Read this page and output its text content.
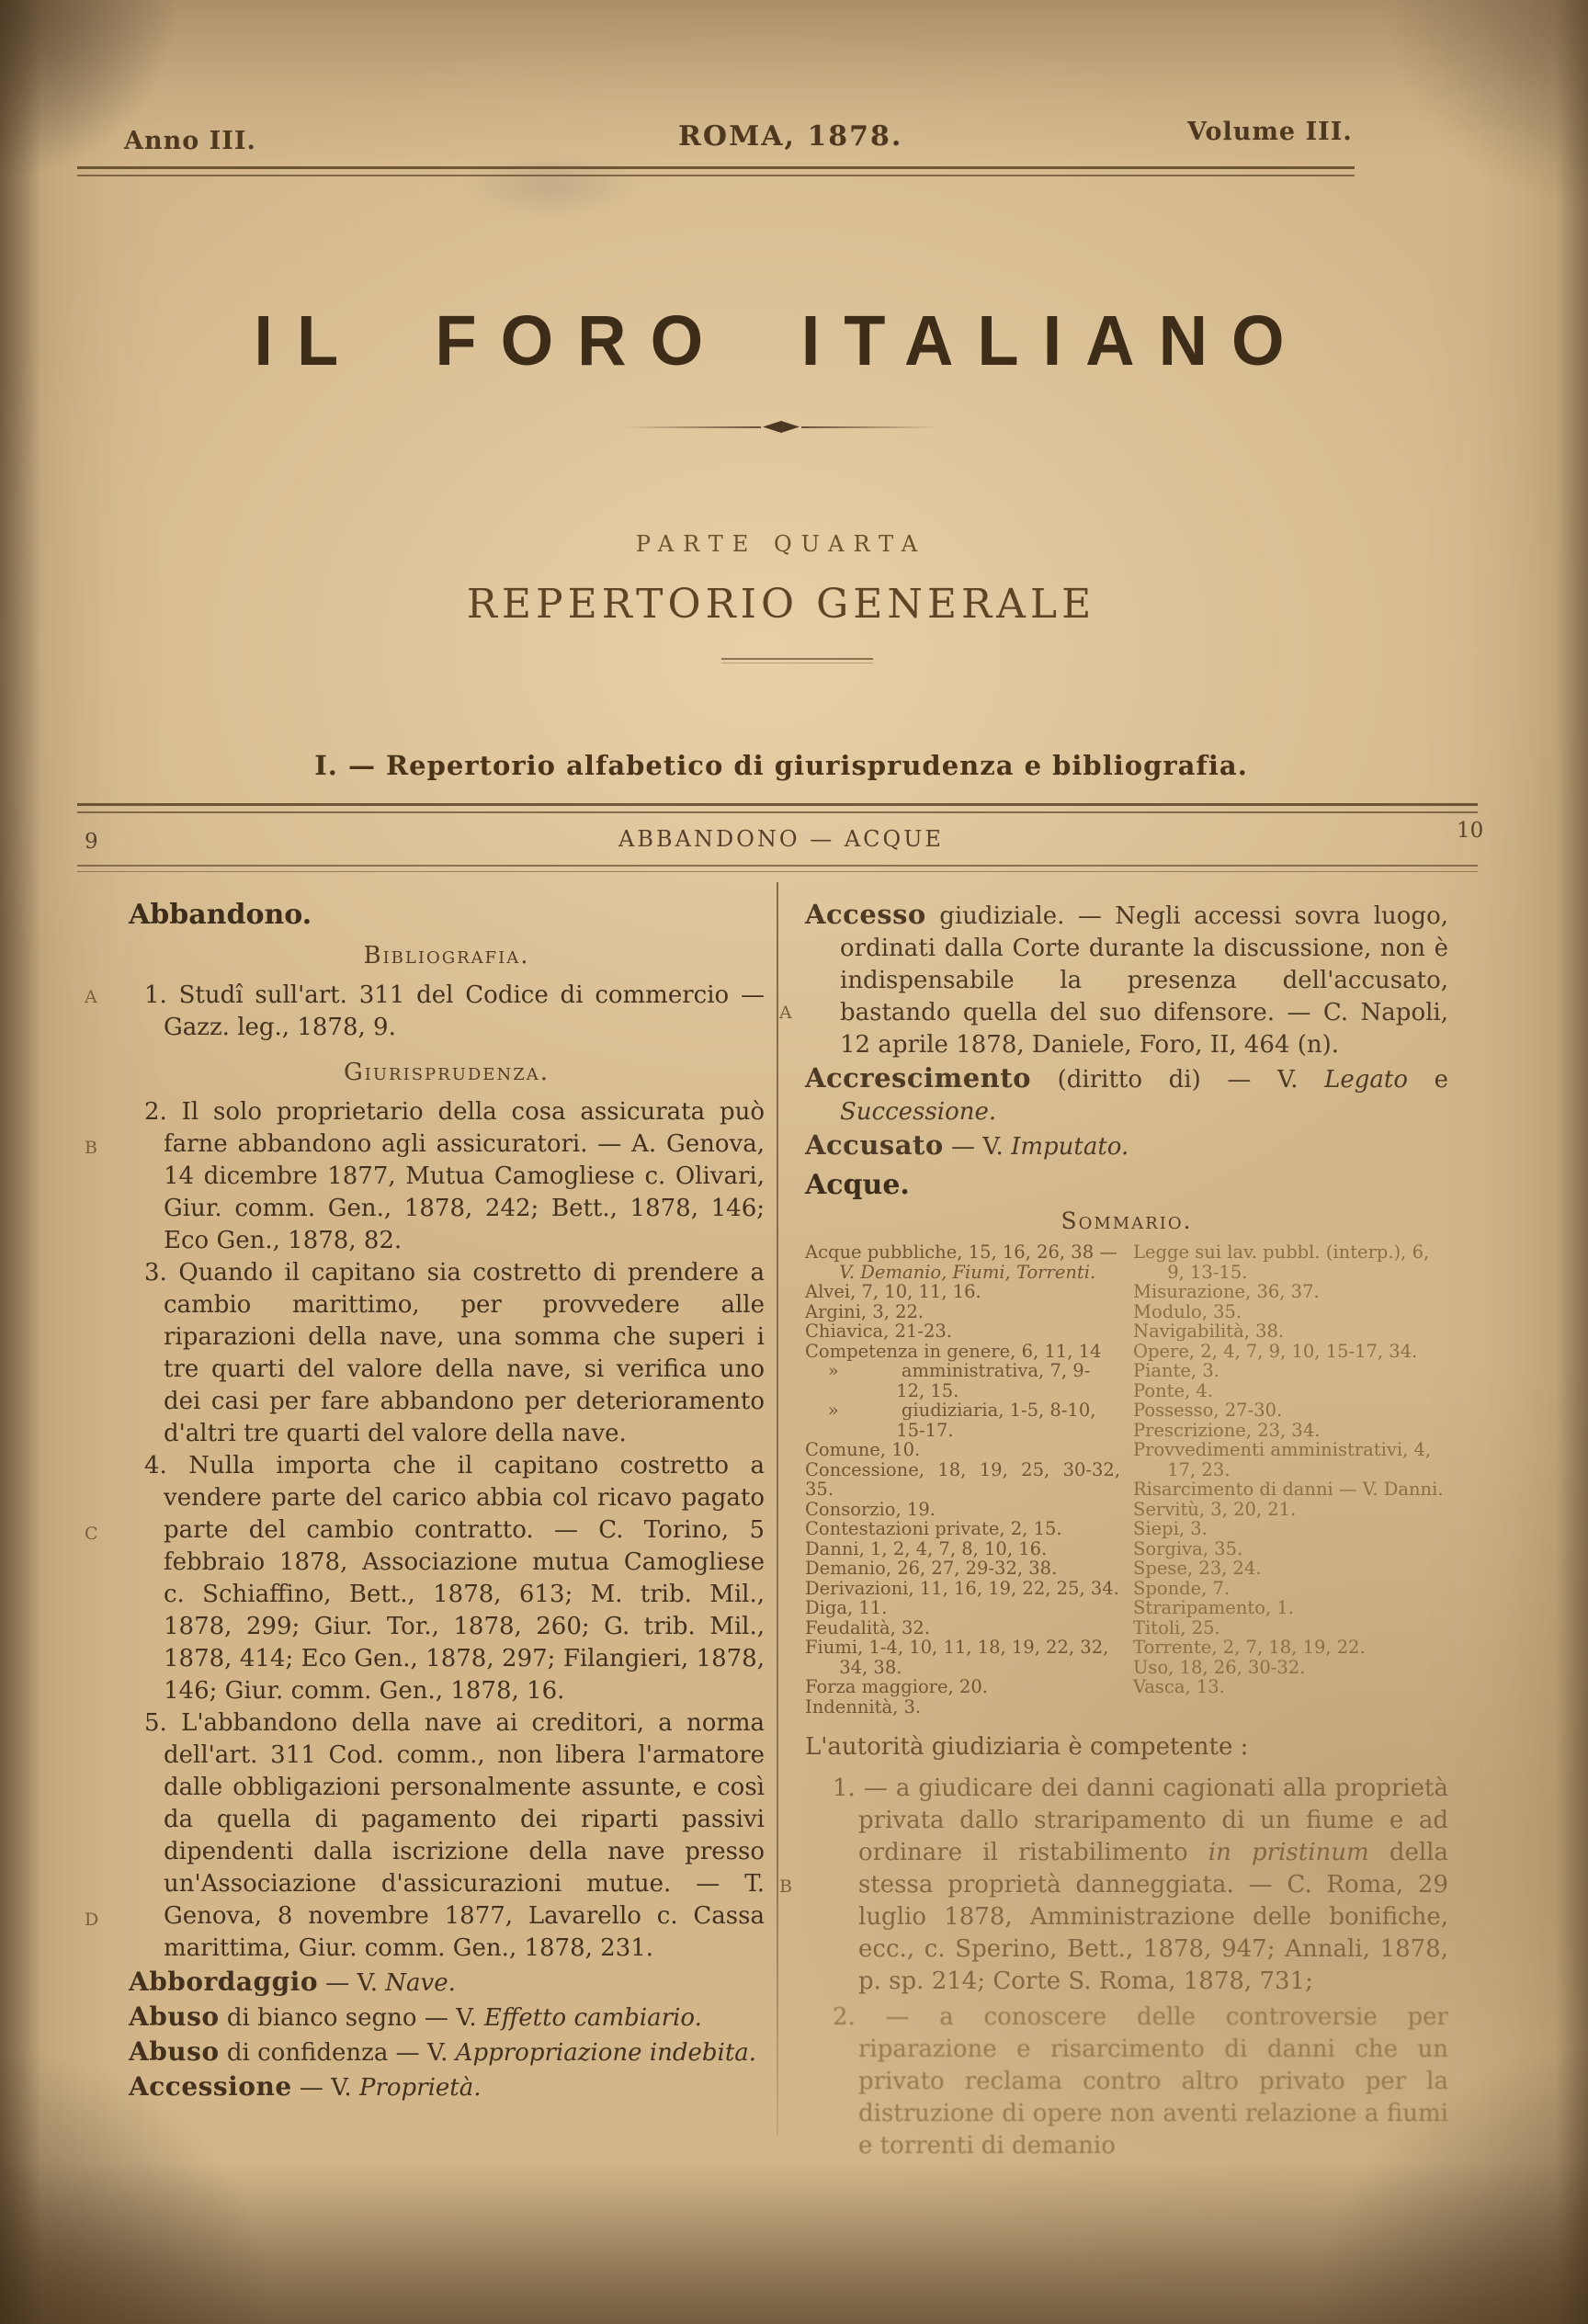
Anno III.	ROMA, 1878.	Volume III.
IL FORO ITALIANO
PARTE QUARTA
REPERTORIO GENERALE
I. — Repertorio alfabetico di giurisprudenza e bibliografia.
9	ABBANDONO — ACQUE	10
Abbandono.
Bibliografia.
A 1. Studî sull'art. 311 del Codice di commercio — Gazz. leg., 1878, 9.
Giurisprudenza.
B
2. Il solo proprietario della cosa assicurata può farne abbandono agli assicuratori. — A. Genova, 14 dicembre 1877, Mutua Camogliese c. Olivari, Giur. comm. Gen., 1878, 242; Bett., 1878, 146; Eco Gen., 1878, 82.
3. Quando il capitano sia costretto di prendere a cambio marittimo, per provvedere alle riparazioni della nave, una somma che superi i tre quarti del valore della nave, si verifica uno dei casi per fare abbandono per deterioramento d'altri tre quarti del valore della nave.
C
4. Nulla importa che il capitano costretto a vendere parte del carico abbia col ricavo pagato parte del cambio contratto. — C. Torino, 5 febbraio 1878, Associazione mutua Camogliese c. Schiaffino, Bett., 1878, 613; M. trib. Mil., 1878, 299; Giur. Tor., 1878, 260; G. trib. Mil., 1878, 414; Eco Gen., 1878, 297; Filangieri, 1878, 146; Giur. comm. Gen., 1878, 16.
D
5. L'abbandono della nave ai creditori, a norma dell'art. 311 Cod. comm., non libera l'armatore dalle obbligazioni personalmente assunte, e così da quella di pagamento dei riparti passivi dipendenti dalla iscrizione della nave presso un'Associazione d'assicurazioni mutue. — T. Genova, 8 novembre 1877, Lavarello c. Cassa marittima, Giur. comm. Gen., 1878, 231.
Abbordaggio — V. Nave.
Abuso di bianco segno — V. Effetto cambiario.
Abuso di confidenza — V. Appropriazione indebita.
Accessione — V. Proprietà.
A
Accesso giudiziale. — Negli accessi sovra luogo, ordinati dalla Corte durante la discussione, non è indispensabile la presenza dell'accusato, bastando quella del suo difensore. — C. Napoli, 12 aprile 1878, Daniele, Foro, II, 464 (n).
Accrescimento (diritto di) — V. Legato e Successione.
Accusato — V. Imputato.
Acque.
Sommario.
Acque pubbliche, 15, 16, 26, 38 —
V. Demanio, Fiumi, Torrenti.
Alvei, 7, 10, 11, 16.
Argini, 3, 22.
Chiavica, 21-23.
Competenza in genere, 6, 11, 14
»           amministrativa, 7, 9-
12, 15.
»           giudiziaria, 1-5, 8-10,
15-17.
Comune, 10.
Concessione, 18, 19, 25, 30-32, 35.
Consorzio, 19.
Contestazioni private, 2, 15.
Danni, 1, 2, 4, 7, 8, 10, 16.
Demanio, 26, 27, 29-32, 38.
Derivazioni, 11, 16, 19, 22, 25, 34.
Diga, 11.
Feudalità, 32.
Fiumi, 1-4, 10, 11, 18, 19, 22, 32,
34, 38.
Forza maggiore, 20.
Indennità, 3.
Legge sui lav. pubbl. (interp.), 6,
9, 13-15.
Misurazione, 36, 37.
Modulo, 35.
Navigabilità, 38.
Opere, 2, 4, 7, 9, 10, 15-17, 34.
Piante, 3.
Ponte, 4.
Possesso, 27-30.
Prescrizione, 23, 34.
Provvedimenti amministrativi, 4,
17, 23.
Risarcimento di danni — V. Danni.
Servitù, 3, 20, 21.
Siepi, 3.
Sorgiva, 35.
Spese, 23, 24.
Sponde, 7.
Straripamento, 1.
Titoli, 25.
Torrente, 2, 7, 18, 19, 22.
Uso, 18, 26, 30-32.
Vasca, 13.
L'autorità giudiziaria è competente :
B
1. — a giudicare dei danni cagionati alla proprietà privata dallo straripamento di un fiume e ad ordinare il ristabilimento in pristinum della stessa proprietà danneggiata. — C. Roma, 29 luglio 1878, Amministrazione delle bonifiche, ecc., c. Sperino, Bett., 1878, 947; Annali, 1878, p. sp. 214; Corte S. Roma, 1878, 731;
2. — a conoscere delle controversie per riparazione e risarcimento di danni che un privato reclama contro altro privato per la distruzione di opere non aventi relazione a fiumi e torrenti di demanio
